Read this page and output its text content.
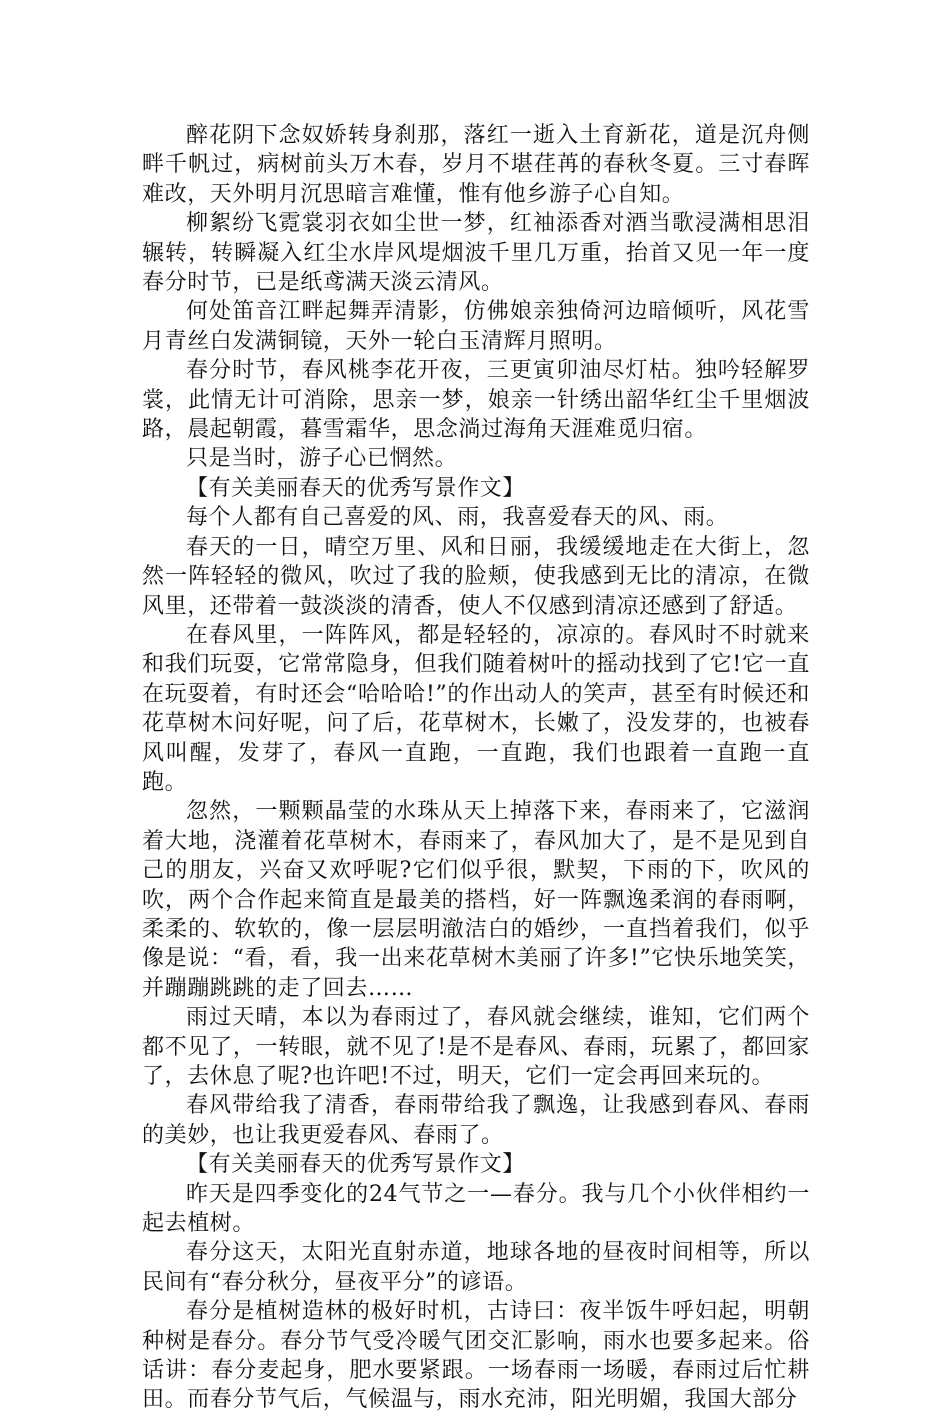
醉花阴下念奴娇转身刹那，落红一逝入土育新花，道是沉舟侧畔千帆过，病树前头万木春，岁月不堪荏苒的春秋冬夏。三寸春晖难改，天外明月沉思暗言难懂，惟有他乡游子心自知。

柳絮纷飞霓裳羽衣如尘世一梦，红袖添香对酒当歌浸满相思泪辗转，转瞬凝入红尘水岸风堤烟波千里几万重，抬首又见一年一度春分时节，已是纸鸢满天淡云清风。

何处笛音江畔起舞弄清影，仿佛娘亲独倚河边暗倾听，风花雪月青丝白发满铜镜，天外一轮白玉清辉月照明。

春分时节，春风桃李花开夜，三更寅卯油尽灯枯。独吟轻解罗裳，此情无计可消除，思亲一梦，娘亲一针绣出韶华红尘千里烟波路，晨起朝霞，暮雪霜华，思念淌过海角天涯难觅归宿。

只是当时，游子心已惘然。

【有关美丽春天的优秀写景作文】

每个人都有自己喜爱的风、雨，我喜爱春天的风、雨。

春天的一日，晴空万里、风和日丽，我缓缓地走在大街上，忽然一阵轻轻的微风，吹过了我的脸颊，使我感到无比的清凉，在微风里，还带着一鼓淡淡的清香，使人不仅感到清凉还感到了舒适。

在春风里，一阵阵风，都是轻轻的，凉凉的。春风时不时就来和我们玩耍，它常常隐身，但我们随着树叶的摇动找到了它!它一直在玩耍着，有时还会“哈哈哈!”的作出动人的笑声，甚至有时候还和花草树木问好呢，问了后，花草树木，长嫩了，没发芽的，也被春风叫醒，发芽了，春风一直跑，一直跑，我们也跟着一直跑一直跑。

忽然，一颗颗晶莹的水珠从天上掉落下来，春雨来了，它滋润着大地，浇灌着花草树木，春雨来了，春风加大了，是不是见到自己的朋友，兴奋又欢呼呢?它们似乎很，默契，下雨的下，吹风的吹，两个合作起来简直是最美的搭档，好一阵飘逸柔润的春雨啊，柔柔的、软软的，像一层层明澈洁白的婚纱，一直挡着我们，似乎像是说：“看，看，我一出来花草树木美丽了许多!”它快乐地笑笑，并蹦蹦跳跳的走了回去……

雨过天晴，本以为春雨过了，春风就会继续，谁知，它们两个都不见了，一转眼，就不见了!是不是春风、春雨，玩累了，都回家了，去休息了呢?也许吧!不过，明天，它们一定会再回来玩的。

春风带给我了清香，春雨带给我了飘逸，让我感到春风、春雨的美妙，也让我更爱春风、春雨了。

【有关美丽春天的优秀写景作文】

昨天是四季变化的24气节之一—春分。我与几个小伙伴相约一起去植树。

春分这天，太阳光直射赤道，地球各地的昼夜时间相等，所以民间有“春分秋分，昼夜平分”的谚语。

春分是植树造林的极好时机，古诗曰：夜半饭牛呼妇起，明朝种树是春分。春分节气受冷暖气团交汇影响，雨水也要多起来。俗话讲：春分麦起身，肥水要紧跟。一场春雨一场暖，春雨过后忙耕田。而春分节气后，气候温与，雨水充沛，阳光明媚，我国大部分
